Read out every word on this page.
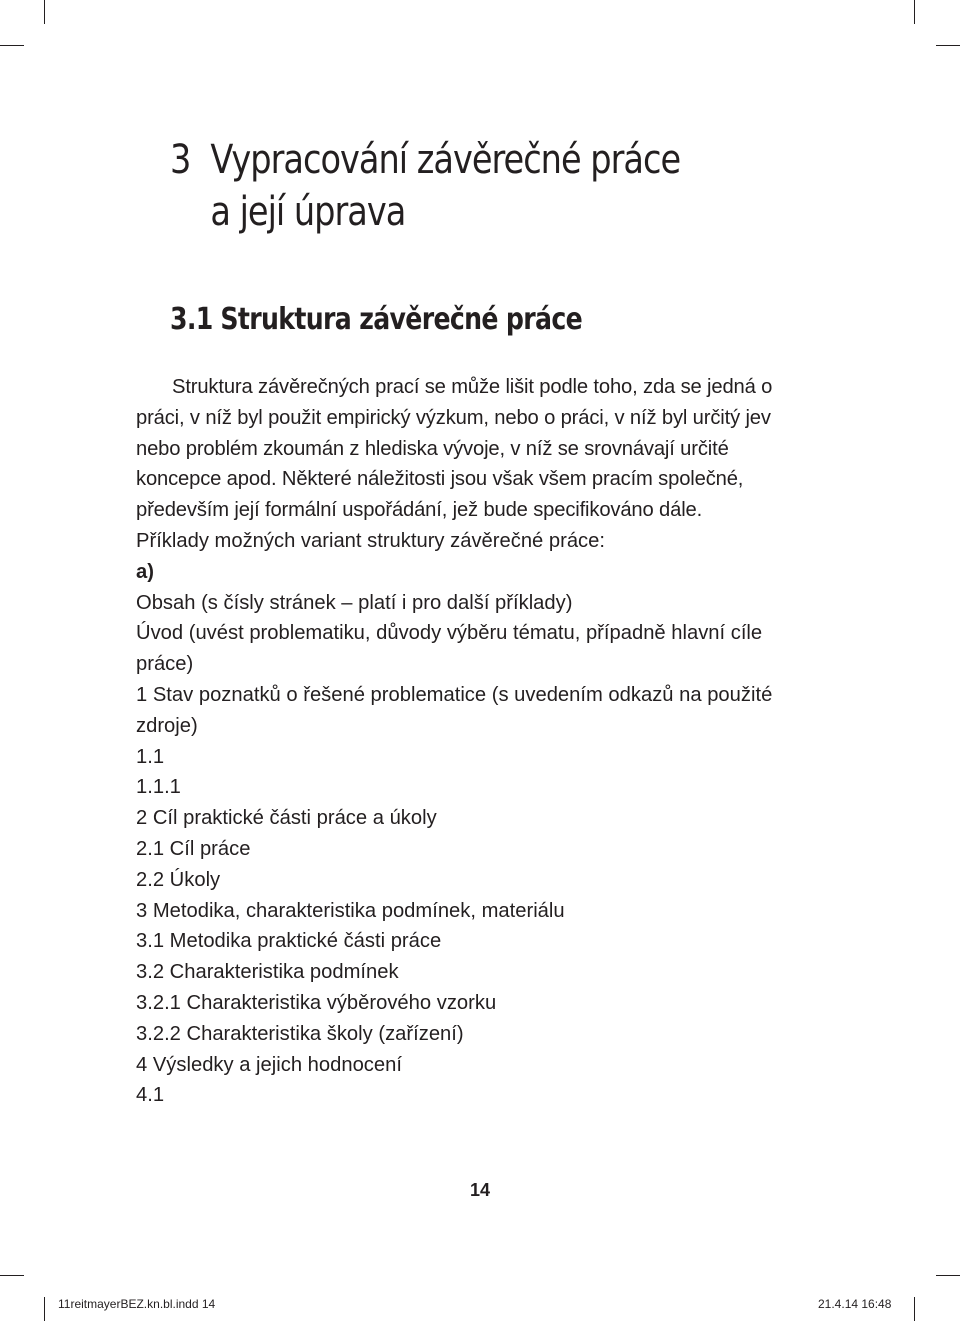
3 Vypracování závěrečné práce
a její úprava
3.1 Struktura závěrečné práce

Struktura závěrečných prací se může lišit podle toho, zda se jedná o práci, v níž byl použit empirický výzkum, nebo o práci, v níž byl určitý jev nebo problém zkoumán z hlediska vývoje, v níž se srovnávají určité koncepce apod. Některé náležitosti jsou však všem pracím společné, především její formální uspořádání, jež bude specifikováno dále.

Příklady možných variant struktury závěrečné práce:

a)

Obsah (s čísly stránek – platí i pro další příklady)

Úvod (uvést problematiku, důvody výběru tématu, případně hlavní cíle práce)

1 Stav poznatků o řešené problematice (s uvedením odkazů na použité zdroje)

1.1

1.1.1

2 Cíl praktické části práce a úkoly

2.1 Cíl práce

2.2 Úkoly

3 Metodika, charakteristika podmínek, materiálu

3.1 Metodika praktické části práce

3.2 Charakteristika podmínek

3.2.1 Charakteristika výběrového vzorku

3.2.2 Charakteristika školy (zařízení)

4 Výsledky a jejich hodnocení

4.1

14
11reitmayerBEZ.kn.bl.indd 14	21.4.14 16:48
